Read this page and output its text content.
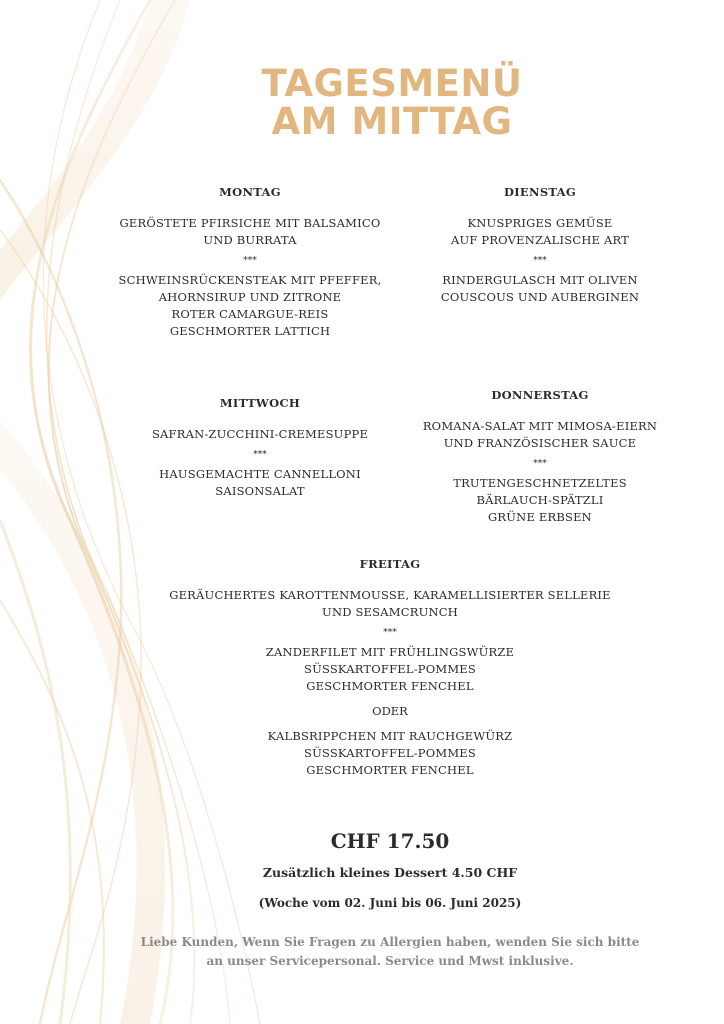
TAGESMENÜ
AM MITTAG
MONTAG
GERÖSTETE PFIRSICHE MIT BALSAMICO
UND BURRATA
***
SCHWEINSRÜCKENSTEAK MIT PFEFFER,
AHORNSIRUP UND ZITRONE
ROTER CAMARGUE-REIS
GESCHMORTER LATTICH
DIENSTAG
KNUSPRIGES GEMÜSE
AUF PROVENZALISCHE ART
***
RINDERGULASCH MIT OLIVEN
COUSCOUS UND AUBERGINEN
MITTWOCH
SAFRAN-ZUCCHINI-CREMESUPPE
***
HAUSGEMACHTE CANNELLONI
SAISONSALAT
DONNERSTAG
ROMANA-SALAT MIT MIMOSA-EIERN
UND FRANZÖSISCHER SAUCE
***
TRUTENGESCHNETZELTES
BÄRLAUCH-SPÄTZLI
GRÜNE ERBSEN
FREITAG
GERÄUCHERTES KAROTTENMOUSSE, KARAMELLISIERTER SELLERIE
UND SESAMCRUNCH
***
ZANDERFILET MIT FRÜHLINGSWÜRZE
SÜSSKARTOFFEL-POMMES
GESCHMORTER FENCHEL
ODER
KALBSRIPPCHEN MIT RAUCHGEWÜRZ
SÜSSKARTOFFEL-POMMES
GESCHMORTER FENCHEL
CHF 17.50
Zusätzlich kleines Dessert 4.50 CHF
(Woche vom 02. Juni bis 06. Juni 2025)
Liebe Kunden, Wenn Sie Fragen zu Allergien haben, wenden Sie sich bitte an unser Servicepersonal. Service und Mwst inklusive.
